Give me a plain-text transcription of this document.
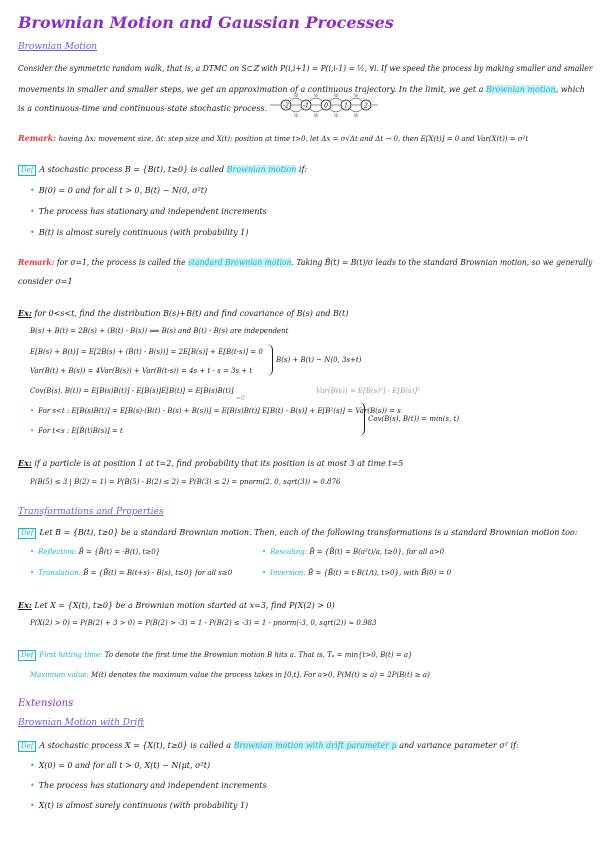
Brownian Motion and Gaussian Processes
Brownian Motion
Consider the symmetric random walk, that is, a DTMC on S⊂ℤ with P(i,i+1) = P(i,i-1) = ½, ∀i. If we speed the process by making smaller and smaller
movements in smaller and smaller steps, we get an approximation of a continuous trajectory. In the limit, we get a Brownian motion, which
is a continuous-time and continuous-state stochastic process.	-2 -1	0	1	2
½	½	½	½
½	½	½	½
Remark: having Δx: movement size, Δt: step size and X(t): position at time t>0, let Δx = σ√Δt and Δt → 0, then E[X(t)] = 0 and Var(X(t)) = σ²t
Def A stochastic process B = {B(t), t≥0} is called Brownian motion if:
• B(0) = 0 and for all t > 0, B(t) ~ N(0, σ²t)
• The process has stationary and independent increments
• B(t) is almost surely continuous (with probability 1)
Remark: for σ=1, the process is called the standard Brownian motion. Taking B̃(t) = B(t)/σ leads to the standard Brownian motion, so we generally
consider σ=1
Ex: for 0<s<t, find the distribution B(s)+B(t) and find covariance of B(s) and B(t)
B(s) + B(t) = 2B(s) + (B(t) - B(s)) ⟹ B(s) and B(t) - B(s) are independent
E[B(s) + B(t)] = E[2B(s) + (B(t) - B(s))] = 2E[B(s)] + E[B(t-s)] = 0
Var(B(t) + B(s)) = 4Var(B(s)) + Var(B(t-s)) = 4s + t - s = 3s + t
B(s) + B(t) ~ N(0, 3s+t)
Cov(B(s), B(t)) = E[B(s)B(t)] - E[B(s)]E[B(t)] = E[B(s)B(t)]	Var(B(s)) = E[B(s)²] - E[B(s)]²
=0
• For s<t : E[B(s)B(t)] = E[B(s)·(B(t) - B(s) + B(s))] = E[B(s)B(t)] E[B(t) - B(s)] + E[B²(s)] = Var(B(s)) = s
• For t<s : E[B(t)B(s)] = t
Cov(B(s), B(t)) = min(s, t)
Ex: if a particle is at position 1 at t=2, find probability that its position is at most 3 at time t=5
P(B(5) ≤ 3 | B(2) = 1) = P(B(5) - B(2) ≤ 2) = P(B(3) ≤ 2) = pnorm(2, 0, sqrt(3)) ≈ 0.876
Transformations and Properties
Def Let B = {B(t), t≥0} be a standard Brownian motion. Then, each of the following transformations is a standard Brownian motion too:
• Reflection: B̃ = {B̃(t) = -B(t), t≥0}	• Rescaling: B̃ = {B̃(t) = B(a²t)/a, t≥0}, for all a>0
• Translation: B̃ = {B̃(t) = B(t+s) - B(s), t≥0} for all s≥0	• Inversion: B̃ = {B̃(t) = t·B(1/t), t>0}, with B̃(0) = 0
Ex: Let X = {X(t), t≥0} be a Brownian motion started at x=3, find P(X(2) > 0)
P(X(2) > 0) = P(B(2) + 3 > 0) = P(B(2) > -3) = 1 - P(B(2) ≤ -3) = 1 - pnorm(-3, 0, sqrt(2)) ≈ 0.983
Def First hitting time: To denote the first time the Brownian motion B hits a. That is, Tₐ = min{t>0, B(t) = a}
Maximum value: M(t) denotes the maximum value the process takes in [0,t]. For a>0, P(M(t) ≥ a) = 2P(B(t) ≥ a)
Extensions
Brownian Motion with Drift
Def A stochastic process X = {X(t), t≥0} is called a Brownian motion with drift parameter μ and variance parameter σ² if:
• X(0) = 0 and for all t > 0, X(t) ~ N(μt, σ²t)
• The process has stationary and independent increments
• X(t) is almost surely continuous (with probability 1)
